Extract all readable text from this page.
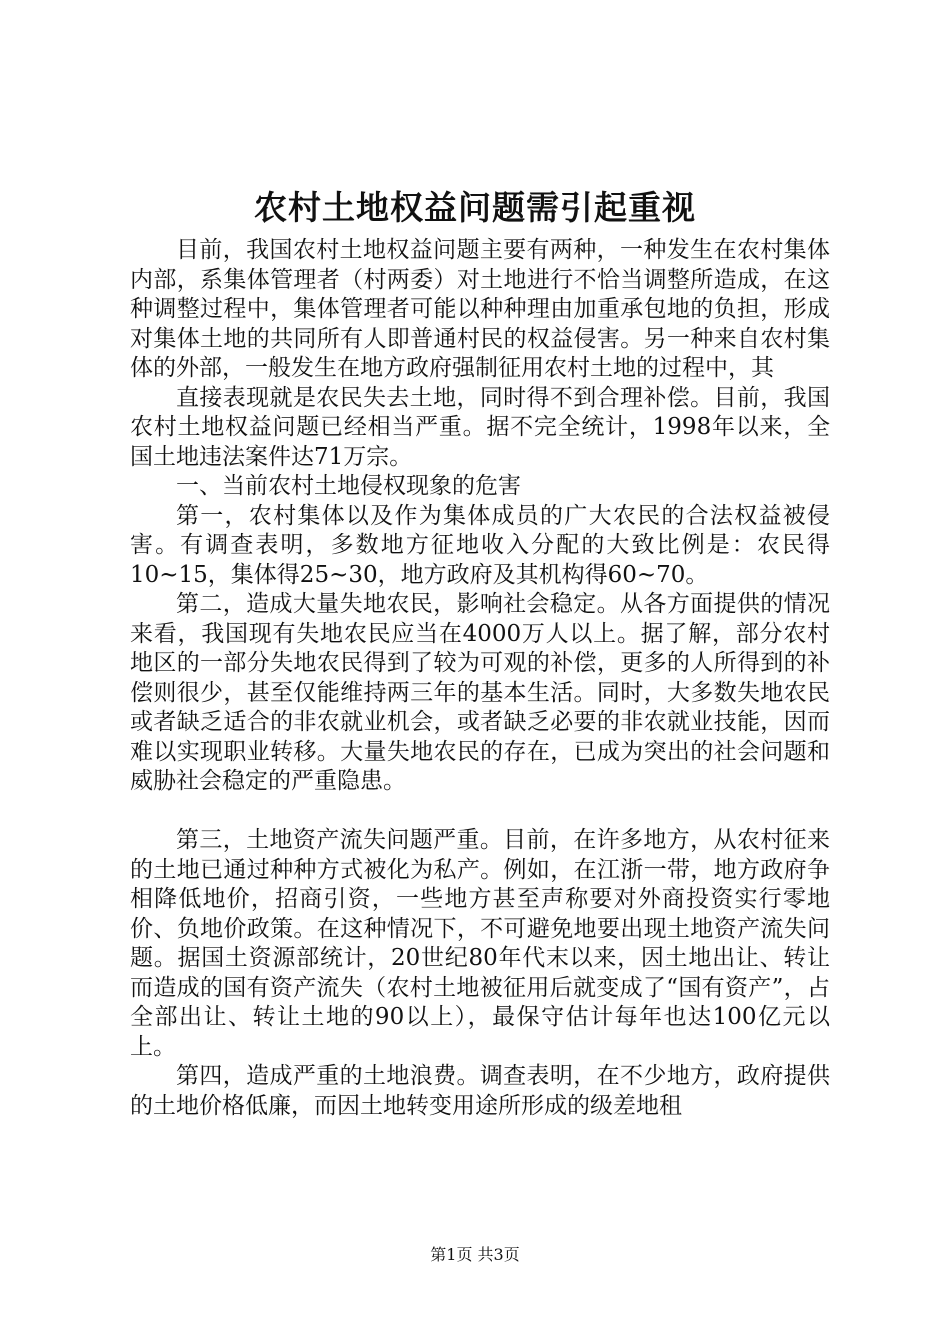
农村土地权益问题需引起重视

目前，我国农村土地权益问题主要有两种，一种发生在农村集体内部，系集体管理者（村两委）对土地进行不恰当调整所造成，在这种调整过程中，集体管理者可能以种种理由加重承包地的负担，形成对集体土地的共同所有人即普通村民的权益侵害。另一种来自农村集体的外部，一般发生在地方政府强制征用农村土地的过程中，其

直接表现就是农民失去土地，同时得不到合理补偿。目前，我国农村土地权益问题已经相当严重。据不完全统计，1998年以来，全国土地违法案件达71万宗。

一、当前农村土地侵权现象的危害

第一，农村集体以及作为集体成员的广大农民的合法权益被侵害。有调查表明，多数地方征地收入分配的大致比例是：农民得10~15，集体得25~30，地方政府及其机构得60~70。

第二，造成大量失地农民，影响社会稳定。从各方面提供的情况来看，我国现有失地农民应当在4000万人以上。据了解，部分农村地区的一部分失地农民得到了较为可观的补偿，更多的人所得到的补偿则很少，甚至仅能维持两三年的基本生活。同时，大多数失地农民或者缺乏适合的非农就业机会，或者缺乏必要的非农就业技能，因而难以实现职业转移。大量失地农民的存在，已成为突出的社会问题和威胁社会稳定的严重隐患。

第三，土地资产流失问题严重。目前，在许多地方，从农村征来的土地已通过种种方式被化为私产。例如，在江浙一带，地方政府争相降低地价，招商引资，一些地方甚至声称要对外商投资实行零地价、负地价政策。在这种情况下，不可避免地要出现土地资产流失问题。据国土资源部统计，20世纪80年代末以来，因土地出让、转让而造成的国有资产流失（农村土地被征用后就变成了“国有资产”，占全部出让、转让土地的90以上），最保守估计每年也达100亿元以上。

第四，造成严重的土地浪费。调查表明，在不少地方，政府提供的土地价格低廉，而因土地转变用途所形成的级差地租

第1页 共3页
